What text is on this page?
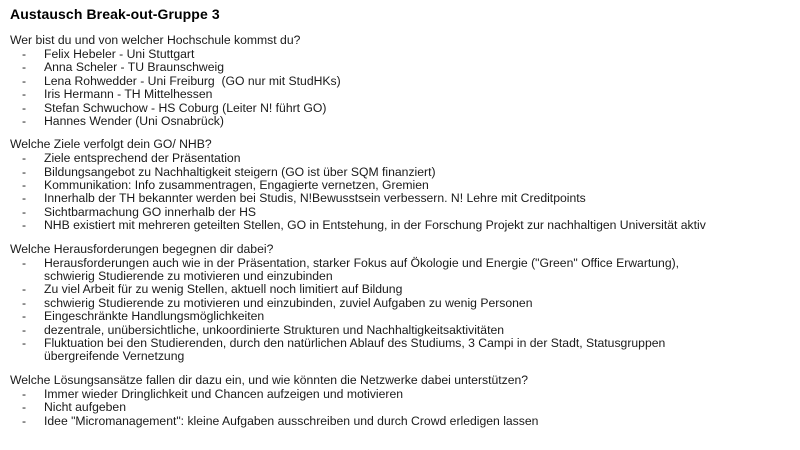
Austausch Break-out-Gruppe 3

Wer bist du und von welcher Hochschule kommst du?

-	Felix Hebeler - Uni Stuttgart
-	Anna Scheler - TU Braunschweig
-	Lena Rohwedder - Uni Freiburg  (GO nur mit StudHKs)
-	Iris Hermann - TH Mittelhessen
-	Stefan Schwuchow - HS Coburg (Leiter N! führt GO)
-	Hannes Wender (Uni Osnabrück)

Welche Ziele verfolgt dein GO/ NHB?

-	Ziele entsprechend der Präsentation
-	Bildungsangebot zu Nachhaltigkeit steigern (GO ist über SQM finanziert)
-	Kommunikation: Info zusammentragen, Engagierte vernetzen, Gremien
-	Innerhalb der TH bekannter werden bei Studis, N!Bewusstsein verbessern. N! Lehre mit Creditpoints
-	Sichtbarmachung GO innerhalb der HS
-	NHB existiert mit mehreren geteilten Stellen, GO in Entstehung, in der Forschung Projekt zur nachhaltigen Universität aktiv

Welche Herausforderungen begegnen dir dabei?

-	Herausforderungen auch wie in der Präsentation, starker Fokus auf Ökologie und Energie ("Green" Office Erwartung),
schwierig Studierende zu motivieren und einzubinden
-	Zu viel Arbeit für zu wenig Stellen, aktuell noch limitiert auf Bildung
-	schwierig Studierende zu motivieren und einzubinden, zuviel Aufgaben zu wenig Personen
-	Eingeschränkte Handlungsmöglichkeiten
-	dezentrale, unübersichtliche, unkoordinierte Strukturen und Nachhaltigkeitsaktivitäten
-	Fluktuation bei den Studierenden, durch den natürlichen Ablauf des Studiums, 3 Campi in der Stadt, Statusgruppen
übergreifende Vernetzung

Welche Lösungsansätze fallen dir dazu ein, und wie könnten die Netzwerke dabei unterstützen?

-	Immer wieder Dringlichkeit und Chancen aufzeigen und motivieren
-	Nicht aufgeben
-	Idee "Micromanagement": kleine Aufgaben ausschreiben und durch Crowd erledigen lassen
